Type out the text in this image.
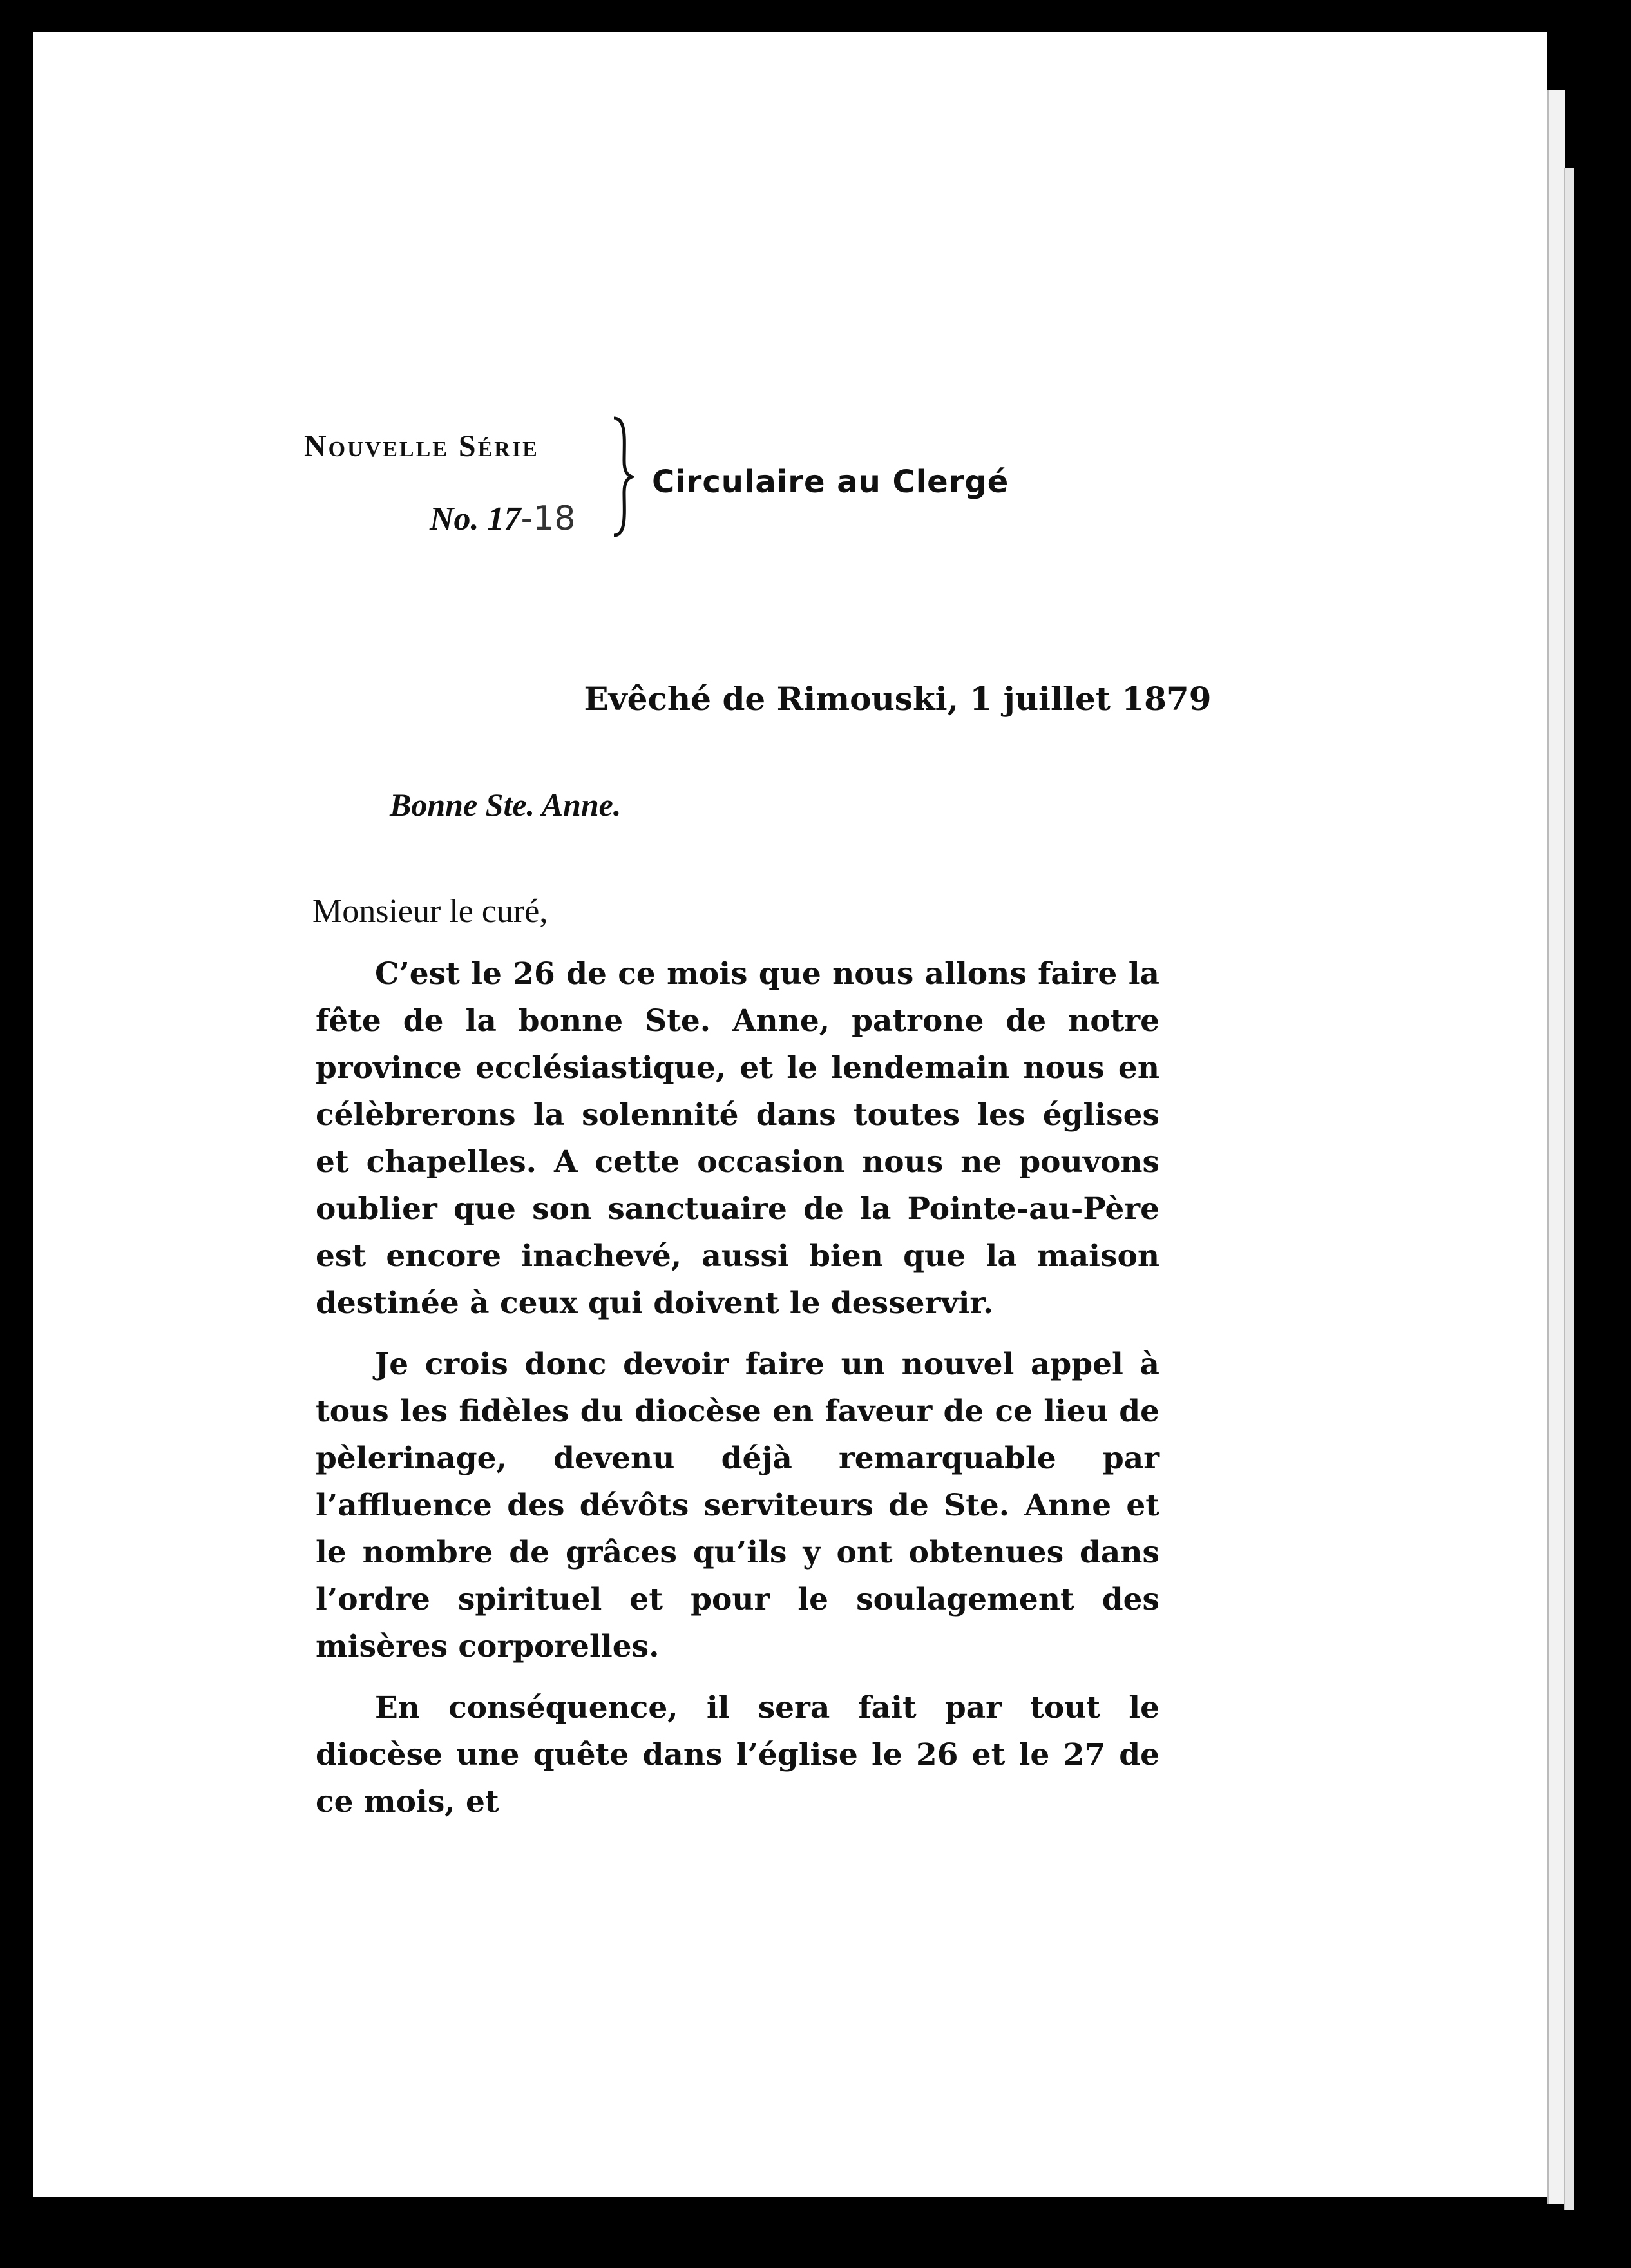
Nouvelle Série
No. 17-18
Circulaire au Clergé
Evêché de Rimouski, 1 juillet 1879
Bonne Ste. Anne.
Monsieur le curé,

C’est le 26 de ce mois que nous allons faire la fête de la bonne Ste. Anne, patrone de notre province ecclésiastique, et le lendemain nous en célèbrerons la solennité dans toutes les églises et chapelles. A cette occasion nous ne pouvons oublier que son sanctuaire de la Pointe-au-Père est encore inachevé, aussi bien que la maison destinée à ceux qui doivent le desservir.

Je crois donc devoir faire un nouvel appel à tous les fidèles du diocèse en faveur de ce lieu de pèlerinage, devenu déjà remarquable par l’affluence des dévôts serviteurs de Ste. Anne et le nombre de grâces qu’ils y ont obtenues dans l’ordre spirituel et pour le soulagement des misères corporelles.

En conséquence, il sera fait par tout le diocèse une quête dans l’église le 26 et le 27 de ce mois, et
